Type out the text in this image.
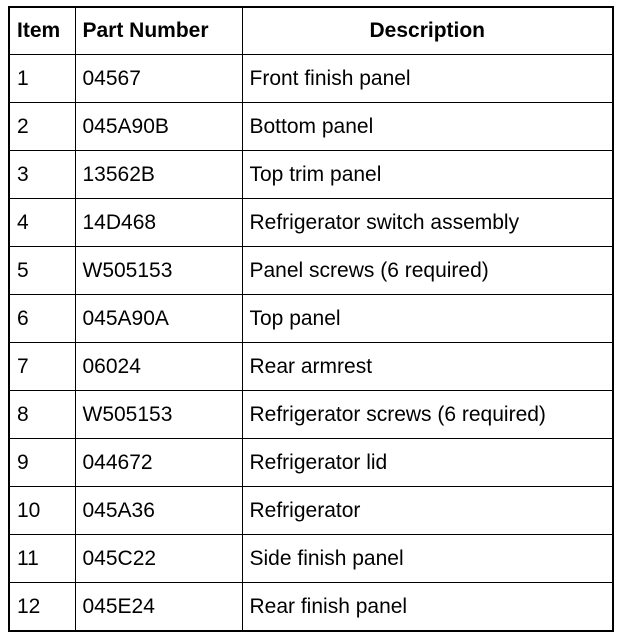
Item	Part Number	Description
1	04567	Front finish panel
2	045A90B	Bottom panel
3	13562B	Top trim panel
4	14D468	Refrigerator switch assembly
5	W505153	Panel screws (6 required)
6	045A90A	Top panel
7	06024	Rear armrest
8	W505153	Refrigerator screws (6 required)
9	044672	Refrigerator lid
10	045A36	Refrigerator
11	045C22	Side finish panel
12	045E24	Rear finish panel
